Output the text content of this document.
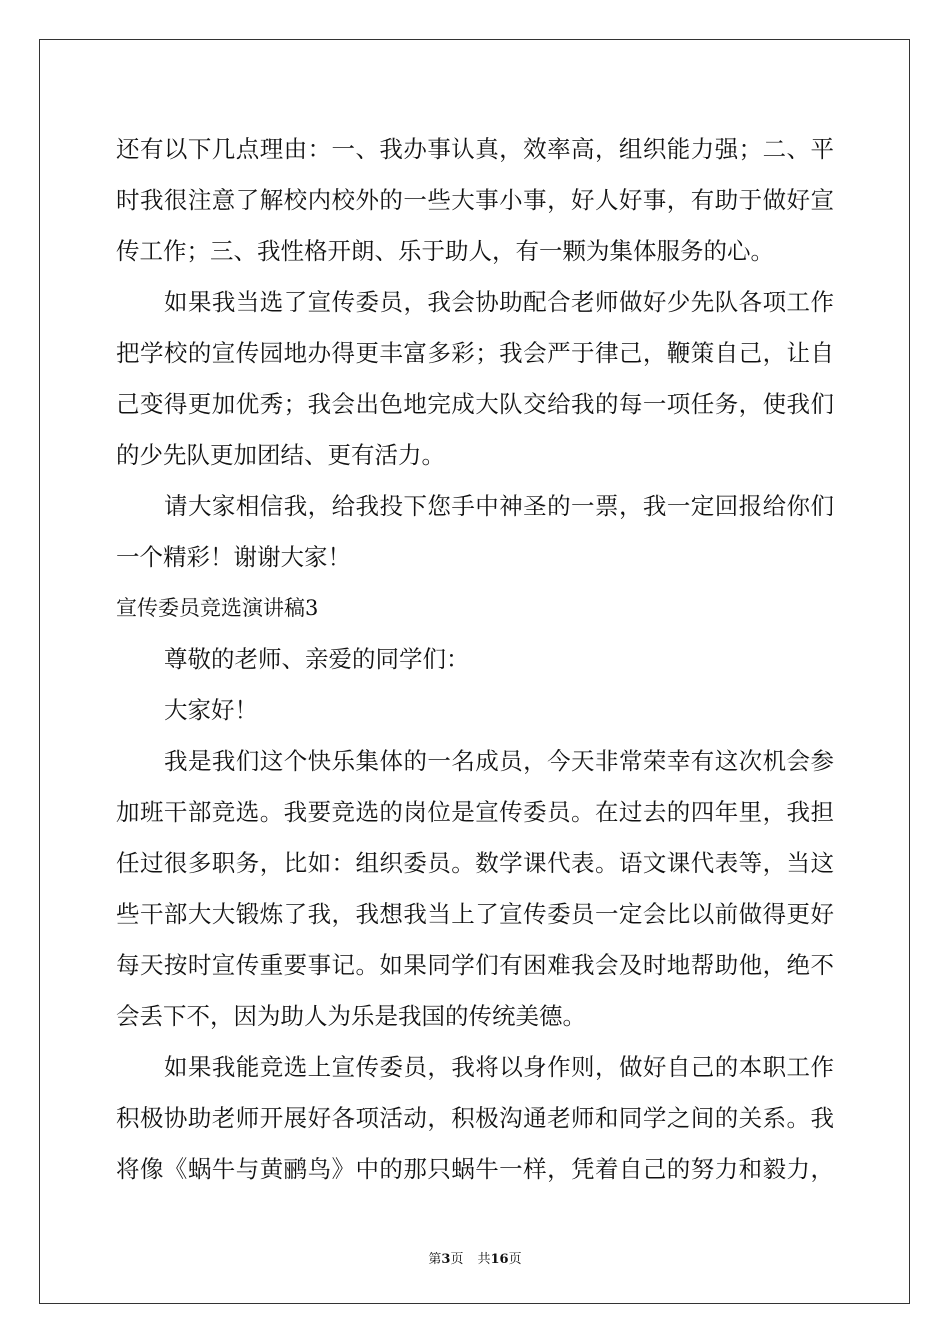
还有以下几点理由：一、我办事认真，效率高，组织能力强；二、平
时我很注意了解校内校外的一些大事小事，好人好事，有助于做好宣
传工作；三、我性格开朗、乐于助人，有一颗为集体服务的心。
如果我当选了宣传委员，我会协助配合老师做好少先队各项工作
把学校的宣传园地办得更丰富多彩；我会严于律己，鞭策自己，让自
己变得更加优秀；我会出色地完成大队交给我的每一项任务，使我们
的少先队更加团结、更有活力。
请大家相信我，给我投下您手中神圣的一票，我一定回报给你们
一个精彩！谢谢大家！
宣传委员竞选演讲稿3
尊敬的老师、亲爱的同学们：
大家好！
我是我们这个快乐集体的一名成员，今天非常荣幸有这次机会参
加班干部竞选。我要竞选的岗位是宣传委员。在过去的四年里，我担
任过很多职务，比如：组织委员。数学课代表。语文课代表等，当这
些干部大大锻炼了我，我想我当上了宣传委员一定会比以前做得更好
每天按时宣传重要事记。如果同学们有困难我会及时地帮助他，绝不
会丢下不，因为助人为乐是我国的传统美德。
如果我能竞选上宣传委员，我将以身作则，做好自己的本职工作
积极协助老师开展好各项活动，积极沟通老师和同学之间的关系。我
将像《蜗牛与黄鹂鸟》中的那只蜗牛一样，凭着自己的努力和毅力，
第3页 共16页
